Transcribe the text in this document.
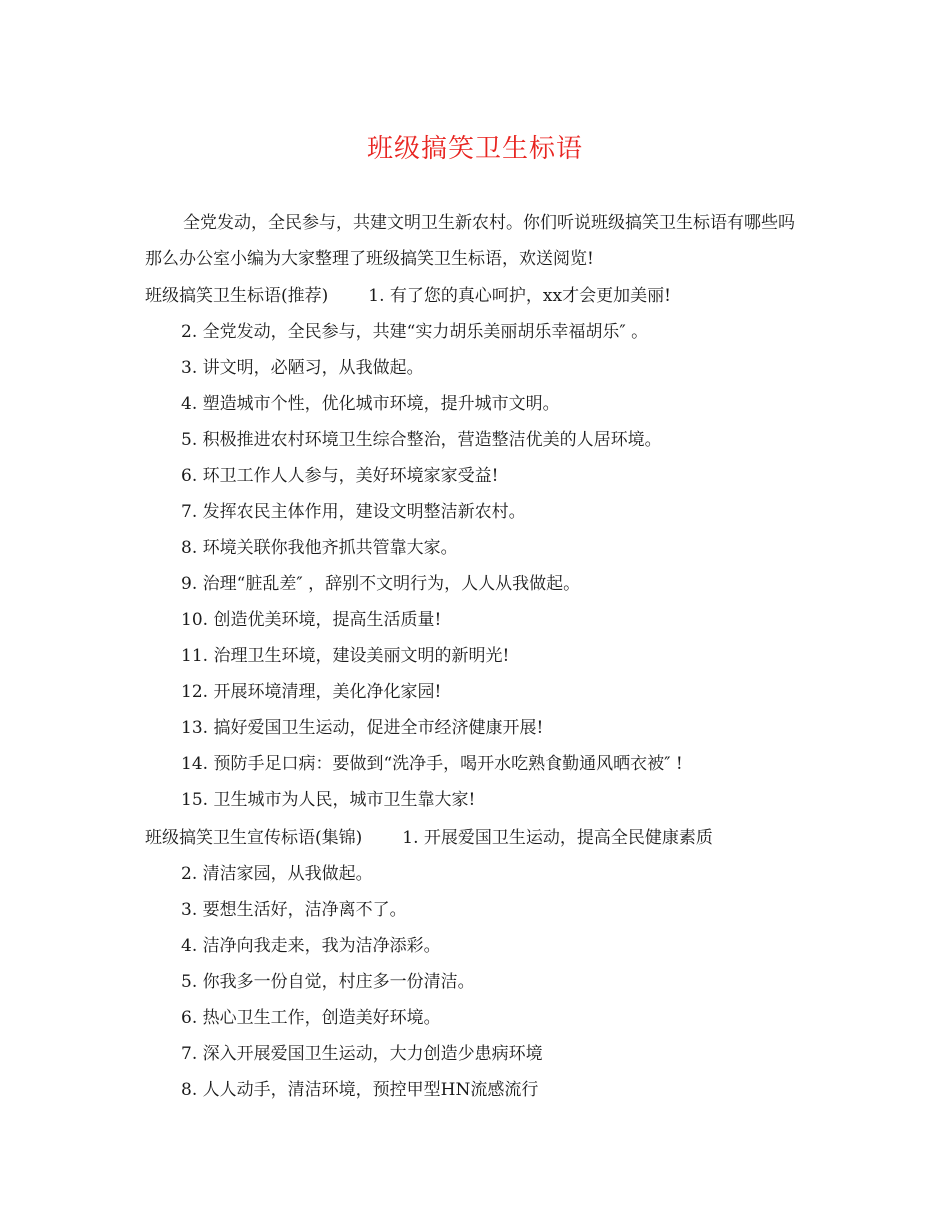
班级搞笑卫生标语
全党发动，全民参与，共建文明卫生新农村。你们听说班级搞笑卫生标语有哪些吗那么办公室小编为大家整理了班级搞笑卫生标语，欢送阅览!
班级搞笑卫生标语(推荐) 1. 有了您的真心呵护，xx才会更加美丽!
2. 全党发动，全民参与，共建“实力胡乐美丽胡乐幸福胡乐″ 。
3. 讲文明，必陋习，从我做起。
4. 塑造城市个性，优化城市环境，提升城市文明。
5. 积极推进农村环境卫生综合整治，营造整洁优美的人居环境。
6. 环卫工作人人参与，美好环境家家受益!
7. 发挥农民主体作用，建设文明整洁新农村。
8. 环境关联你我他齐抓共管靠大家。
9. 治理“脏乱差″ ，辞别不文明行为，人人从我做起。
10. 创造优美环境，提高生活质量!
11. 治理卫生环境，建设美丽文明的新明光!
12. 开展环境清理，美化净化家园!
13. 搞好爱国卫生运动，促进全市经济健康开展!
14. 预防手足口病：要做到“洗净手，喝开水吃熟食勤通风晒衣被″ !
15. 卫生城市为人民，城市卫生靠大家!
班级搞笑卫生宣传标语(集锦) 1. 开展爱国卫生运动，提高全民健康素质
2. 清洁家园，从我做起。
3. 要想生活好，洁净离不了。
4. 洁净向我走来，我为洁净添彩。
5. 你我多一份自觉，村庄多一份清洁。
6. 热心卫生工作，创造美好环境。
7. 深入开展爱国卫生运动，大力创造少患病环境
8. 人人动手，清洁环境，预控甲型HN流感流行
